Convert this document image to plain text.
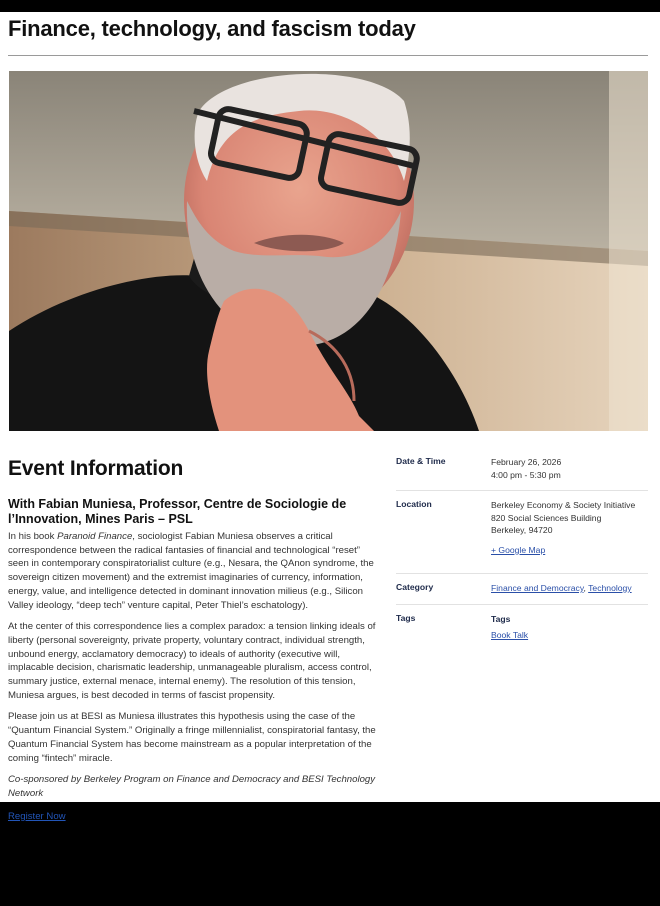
Finance, technology, and fascism today
Event Information
With Fabian Muniesa, Professor, Centre de Sociologie de l’Innovation, Mines Paris – PSL

In his book Paranoid Finance, sociologist Fabian Muniesa observes a critical correspondence between the radical fantasies of financial and technological “reset” seen in contemporary conspiratorialist culture (e.g., Nesara, the QAnon syndrome, the sovereign citizen movement) and the extremist imaginaries of currency, information, energy, value, and intelligence detected in dominant innovation milieus (e.g., Silicon Valley ideology, “deep tech” venture capital, Peter Thiel’s eschatology).

At the center of this correspondence lies a complex paradox: a tension linking ideals of liberty (personal sovereignty, private property, voluntary contract, individual strength, unbound energy, acclamatory democracy) to ideals of authority (executive will, implacable decision, charismatic leadership, unmanageable pluralism, access control, summary justice, external menace, internal enemy). The resolution of this tension, Muniesa argues, is best decoded in terms of fascist propensity.

Please join us at BESI as Muniesa illustrates this hypothesis using the case of the “Quantum Financial System.” Originally a fringe millennialist, conspiratorial fantasy, the Quantum Financial System has become mainstream as a popular interpretation of the coming “fintech” miracle.

Co-sponsored by Berkeley Program on Finance and Democracy and BESI Technology Network

Register Now
Date & Time	February 26, 2026
4:00 pm - 5:30 pm
Location	Berkeley Economy & Society Initiative
820 Social Sciences Building
Berkeley, 94720
+ Google Map
Category	Finance and Democracy, Technology
Tags	Tags
Book Talk
